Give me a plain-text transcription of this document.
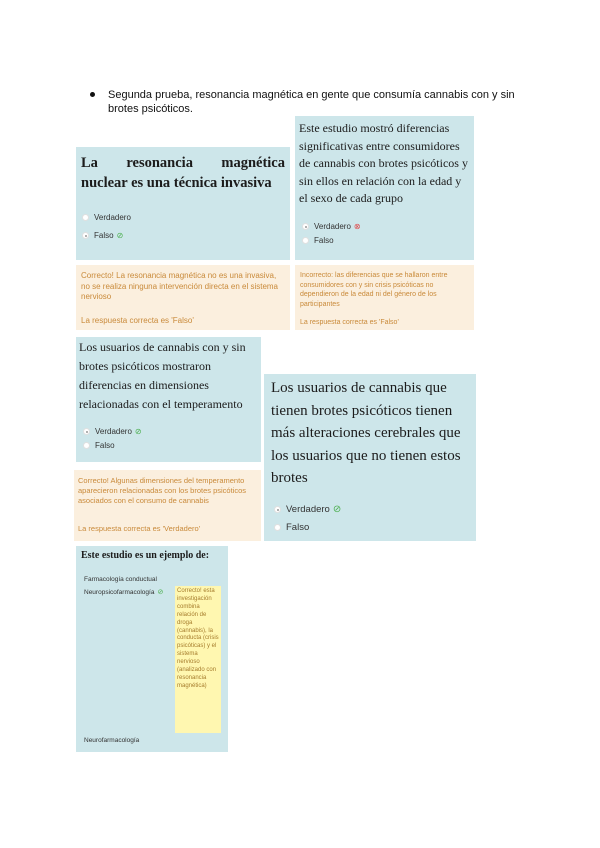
Segunda prueba, resonancia magnética en gente que consumía cannabis con y sin brotes psicóticos.
La resonancia magnética nuclear es una técnica invasiva
Verdadero
Falso ⊘
Este estudio mostró diferencias significativas entre consumidores de cannabis con brotes psicóticos y sin ellos en relación con la edad y el sexo de cada grupo
Verdadero ⊗
Falso
Correcto! La resonancia magnética no es una invasiva, no se realiza ninguna intervención directa en el sistema nervioso
La respuesta correcta es 'Falso'
Incorrecto: las diferencias que se hallaron entre consumidores con y sin crisis psicóticas no dependieron de la edad ni del género de los participantes
La respuesta correcta es 'Falso'
Los usuarios de cannabis con y sin brotes psicóticos mostraron diferencias en dimensiones relacionadas con el temperamento
Verdadero ⊘
Falso
Correcto! Algunas dimensiones del temperamento aparecieron relacionadas con los brotes psicóticos asociados con el consumo de cannabis
La respuesta correcta es 'Verdadero'
Los usuarios de cannabis que tienen brotes psicóticos tienen más alteraciones cerebrales que los usuarios que no tienen estos brotes
Verdadero ⊘
Falso
Este estudio es un ejemplo de:
Farmacología conductual
Neuropsicofarmacología ⊘	Correcto! esta investigación combina relación de droga (cannabis), la conducta (crisis psicóticas) y el sistema nervioso (analizado con resonancia magnética)
Neurofarmacología
